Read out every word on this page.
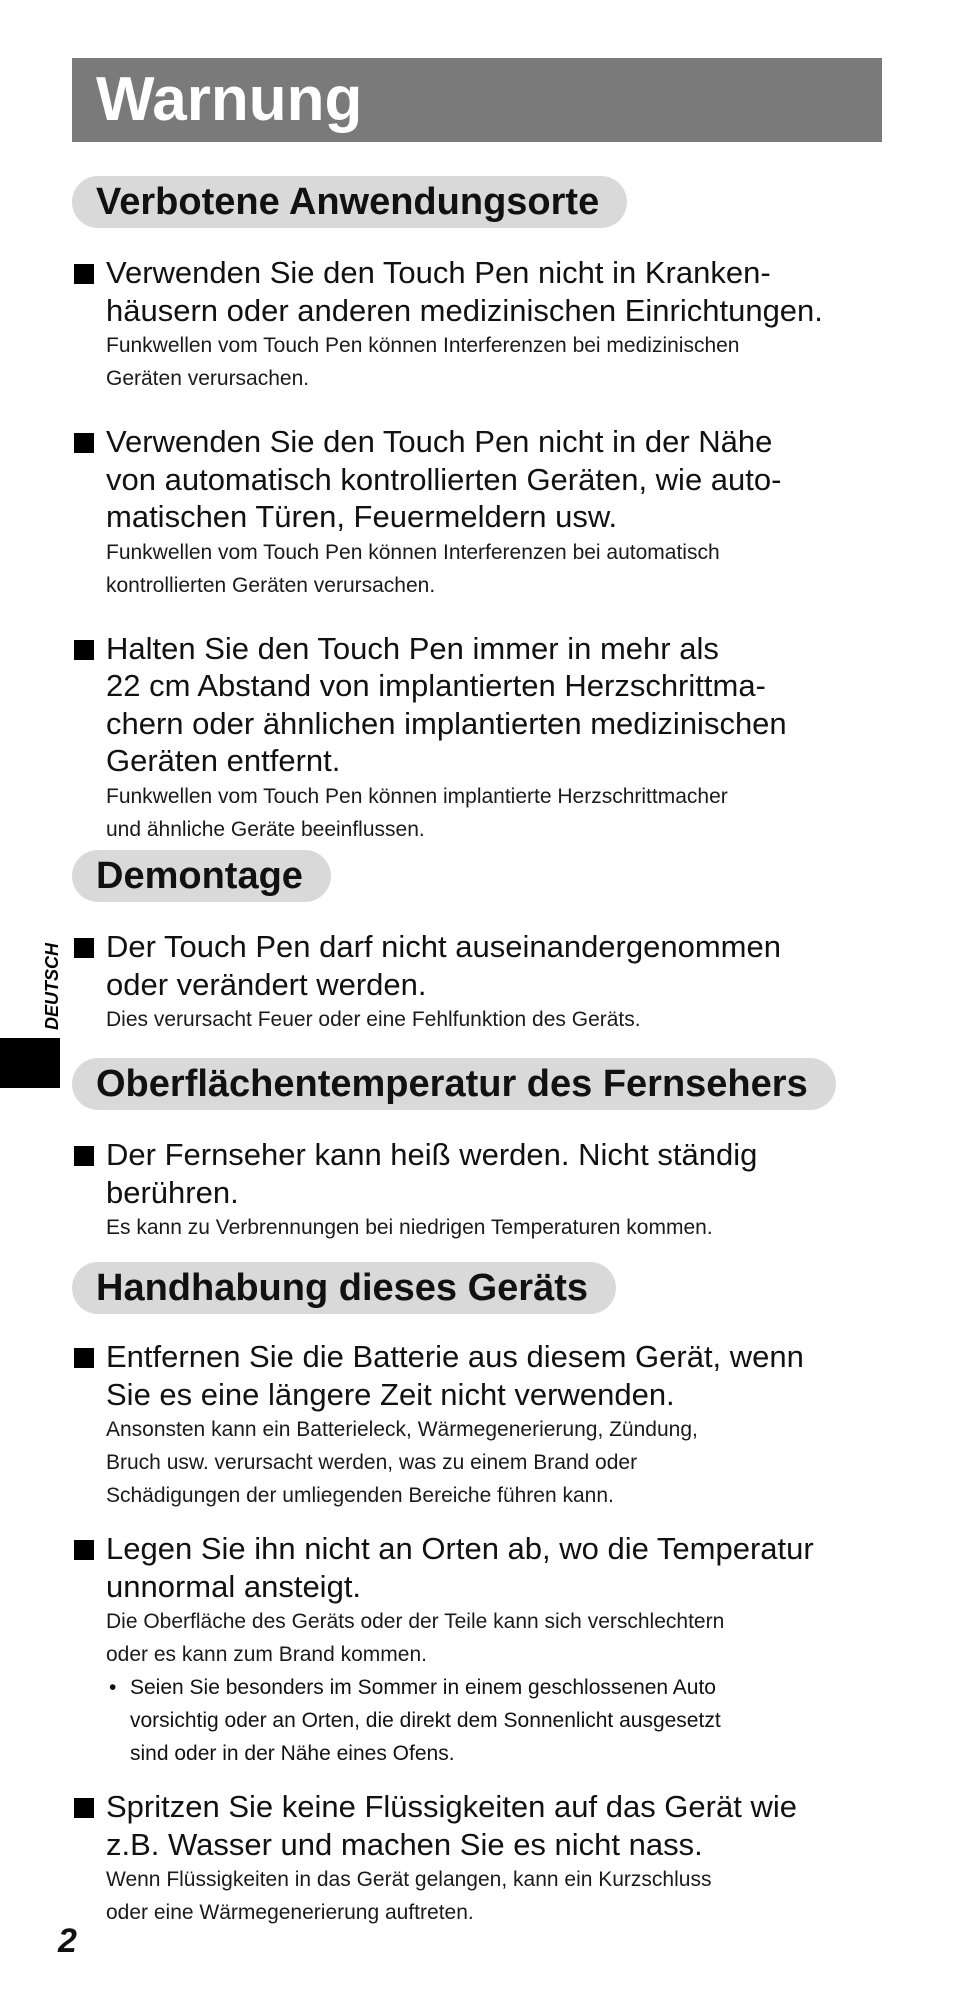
Warnung
Verbotene Anwendungsorte
Verwenden Sie den Touch Pen nicht in Kranken-
häusern oder anderen medizinischen Einrichtungen.
Funkwellen vom Touch Pen können Interferenzen bei medizinischen
Geräten verursachen.
Verwenden Sie den Touch Pen nicht in der Nähe
von automatisch kontrollierten Geräten, wie auto-
matischen Türen, Feuermeldern usw.
Funkwellen vom Touch Pen können Interferenzen bei automatisch
kontrollierten Geräten verursachen.
Halten Sie den Touch Pen immer in mehr als
22 cm Abstand von implantierten Herzschrittma-
chern oder ähnlichen implantierten medizinischen
Geräten entfernt.
Funkwellen vom Touch Pen können implantierte Herzschrittmacher
und ähnliche Geräte beeinflussen.
Demontage
Der Touch Pen darf nicht auseinandergenommen
oder verändert werden.
Dies verursacht Feuer oder eine Fehlfunktion des Geräts.
Oberflächentemperatur des Fernsehers
Der Fernseher kann heiß werden. Nicht ständig
berühren.
Es kann zu Verbrennungen bei niedrigen Temperaturen kommen.
Handhabung dieses Geräts
Entfernen Sie die Batterie aus diesem Gerät, wenn
Sie es eine längere Zeit nicht verwenden.
Ansonsten kann ein Batterieleck, Wärmegenerierung, Zündung,
Bruch usw. verursacht werden, was zu einem Brand oder
Schädigungen der umliegenden Bereiche führen kann.
Legen Sie ihn nicht an Orten ab, wo die Temperatur
unnormal ansteigt.
Die Oberfläche des Geräts oder der Teile kann sich verschlechtern
oder es kann zum Brand kommen.
• Seien Sie besonders im Sommer in einem geschlossenen Auto
vorsichtig oder an Orten, die direkt dem Sonnenlicht ausgesetzt
sind oder in der Nähe eines Ofens.
Spritzen Sie keine Flüssigkeiten auf das Gerät wie
z.B. Wasser und machen Sie es nicht nass.
Wenn Flüssigkeiten in das Gerät gelangen, kann ein Kurzschluss
oder eine Wärmegenerierung auftreten.
DEUTSCH
2
